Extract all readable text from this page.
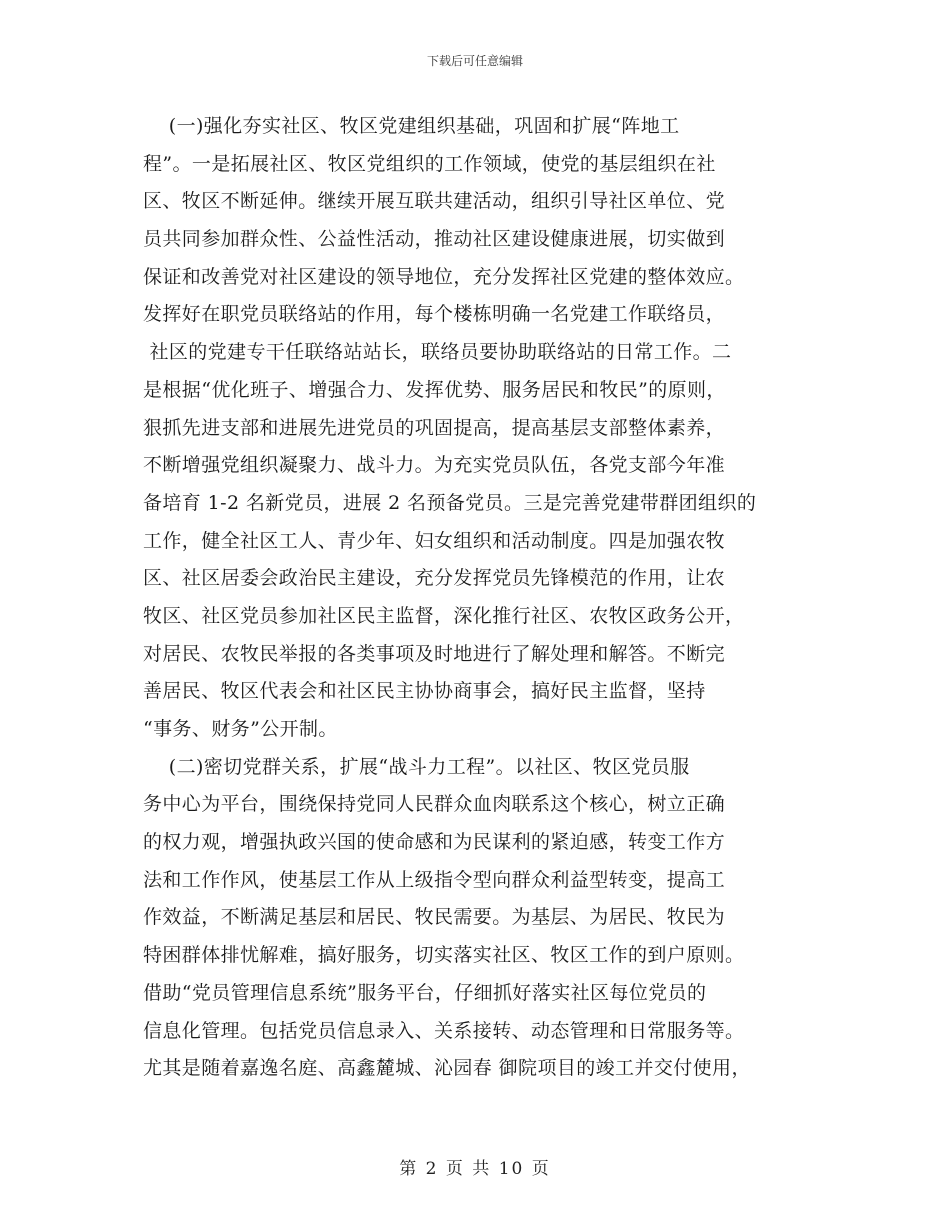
下载后可任意编辑
(一)强化夯实社区、牧区党建组织基础，巩固和扩展“阵地工
程”。一是拓展社区、牧区党组织的工作领域，使党的基层组织在社
区、牧区不断延伸。继续开展互联共建活动，组织引导社区单位、党
员共同参加群众性、公益性活动，推动社区建设健康进展，切实做到
保证和改善党对社区建设的领导地位，充分发挥社区党建的整体效应。
发挥好在职党员联络站的作用，每个楼栋明确一名党建工作联络员，
社区的党建专干任联络站站长，联络员要协助联络站的日常工作。二
是根据“优化班子、增强合力、发挥优势、服务居民和牧民”的原则，
狠抓先进支部和进展先进党员的巩固提高，提高基层支部整体素养，
不断增强党组织凝聚力、战斗力。为充实党员队伍，各党支部今年准
备培育 1-2 名新党员，进展 2 名预备党员。三是完善党建带群团组织的
工作，健全社区工人、青少年、妇女组织和活动制度。四是加强农牧
区、社区居委会政治民主建设，充分发挥党员先锋模范的作用，让农
牧区、社区党员参加社区民主监督，深化推行社区、农牧区政务公开，
对居民、农牧民举报的各类事项及时地进行了解处理和解答。不断完
善居民、牧区代表会和社区民主协协商事会，搞好民主监督，坚持
“事务、财务”公开制。
(二)密切党群关系，扩展“战斗力工程”。以社区、牧区党员服
务中心为平台，围绕保持党同人民群众血肉联系这个核心，树立正确
的权力观，增强执政兴国的使命感和为民谋利的紧迫感，转变工作方
法和工作作风，使基层工作从上级指令型向群众利益型转变，提高工
作效益，不断满足基层和居民、牧民需要。为基层、为居民、牧民为
特困群体排忧解难，搞好服务，切实落实社区、牧区工作的到户原则。
借助“党员管理信息系统”服务平台，仔细抓好落实社区每位党员的
信息化管理。包括党员信息录入、关系接转、动态管理和日常服务等。
尤其是随着嘉逸名庭、高鑫麓城、沁园春 御院项目的竣工并交付使用，
第 2 页 共 10 页
